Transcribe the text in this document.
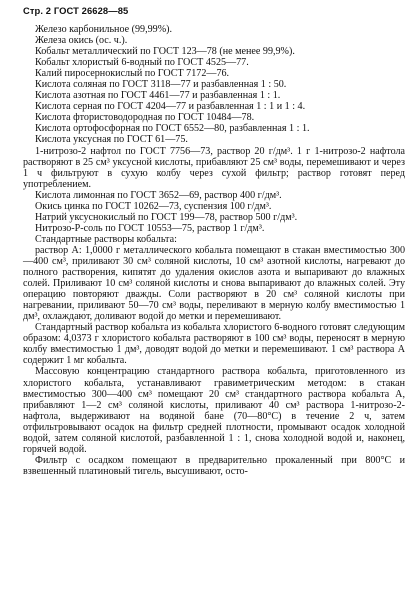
Стр. 2 ГОСТ 26628—85
Железо карбонильное (99,99%).
Железа окись (ос. ч.).
Кобальт металлический по ГОСТ 123—78 (не менее 99,9%).
Кобальт хлористый 6-водный по ГОСТ 4525—77.
Калий пиросернокислый по ГОСТ 7172—76.
Кислота соляная по ГОСТ 3118—77 и разбавленная 1 : 50.
Кислота азотная по ГОСТ 4461—77 и разбавленная 1 : 1.
Кислота серная по ГОСТ 4204—77 и разбавленная 1 : 1 и 1 : 4.
Кислота фтористоводородная по ГОСТ 10484—78.
Кислота ортофосфорная по ГОСТ 6552—80, разбавленная 1 : 1.
Кислота уксусная по ГОСТ 61—75.
1-нитрозо-2 нафтол по ГОСТ 7756—73, раствор 20 г/дм³. 1 г 1-нитрозо-2 нафтола растворяют в 25 см³ уксусной кислоты, прибавляют 25 см³ воды, перемешивают и через 1 ч фильтруют в сухую колбу через сухой фильтр; раствор готовят перед употреблением.
Кислота лимонная по ГОСТ 3652—69, раствор 400 г/дм³.
Окись цинка по ГОСТ 10262—73, суспензия 100 г/дм³.
Натрий уксуснокислый по ГОСТ 199—78, раствор 500 г/дм³.
Нитрозо-Р-соль по ГОСТ 10553—75, раствор 1 г/дм³.
Стандартные растворы кобальта:
раствор А: 1,0000 г металлического кобальта помещают в стакан вместимостью 300—400 см³, приливают 30 см³ соляной кислоты, 10 см³ азотной кислоты, нагревают до полного растворения, кипятят до удаления окислов азота и выпаривают до влажных солей. Приливают 10 см³ соляной кислоты и снова выпаривают до влажных солей. Эту операцию повторяют дважды. Соли растворяют в 20 см³ соляной кислоты при нагревании, приливают 50—70 см³ воды, переливают в мерную колбу вместимостью 1 дм³, охлаждают, доливают водой до метки и перемешивают.
Стандартный раствор кобальта из кобальта хлористого 6-водного готовят следующим образом: 4,0373 г хлористого кобальта растворяют в 100 см³ воды, переносят в мерную колбу вместимостью 1 дм³, доводят водой до метки и перемешивают. 1 см³ раствора А содержит 1 мг кобальта.
Массовую концентрацию стандартного раствора кобальта, приготовленного из хлористого кобальта, устанавливают гравиметрическим методом: в стакан вместимостью 300—400 см³ помещают 20 см³ стандартного раствора кобальта А, прибавляют 1—2 см³ соляной кислоты, приливают 40 см³ раствора 1-нитрозо-2-нафтола, выдерживают на водяной бане (70—80°С) в течение 2 ч, затем отфильтровывают осадок на фильтр средней плотности, промывают осадок холодной водой, затем соляной кислотой, разбавленной 1 : 1, снова холодной водой и, наконец, горячей водой.
Фильтр с осадком помещают в предварительно прокаленный при 800°С и взвешенный платиновый тигель, высушивают, осто-
